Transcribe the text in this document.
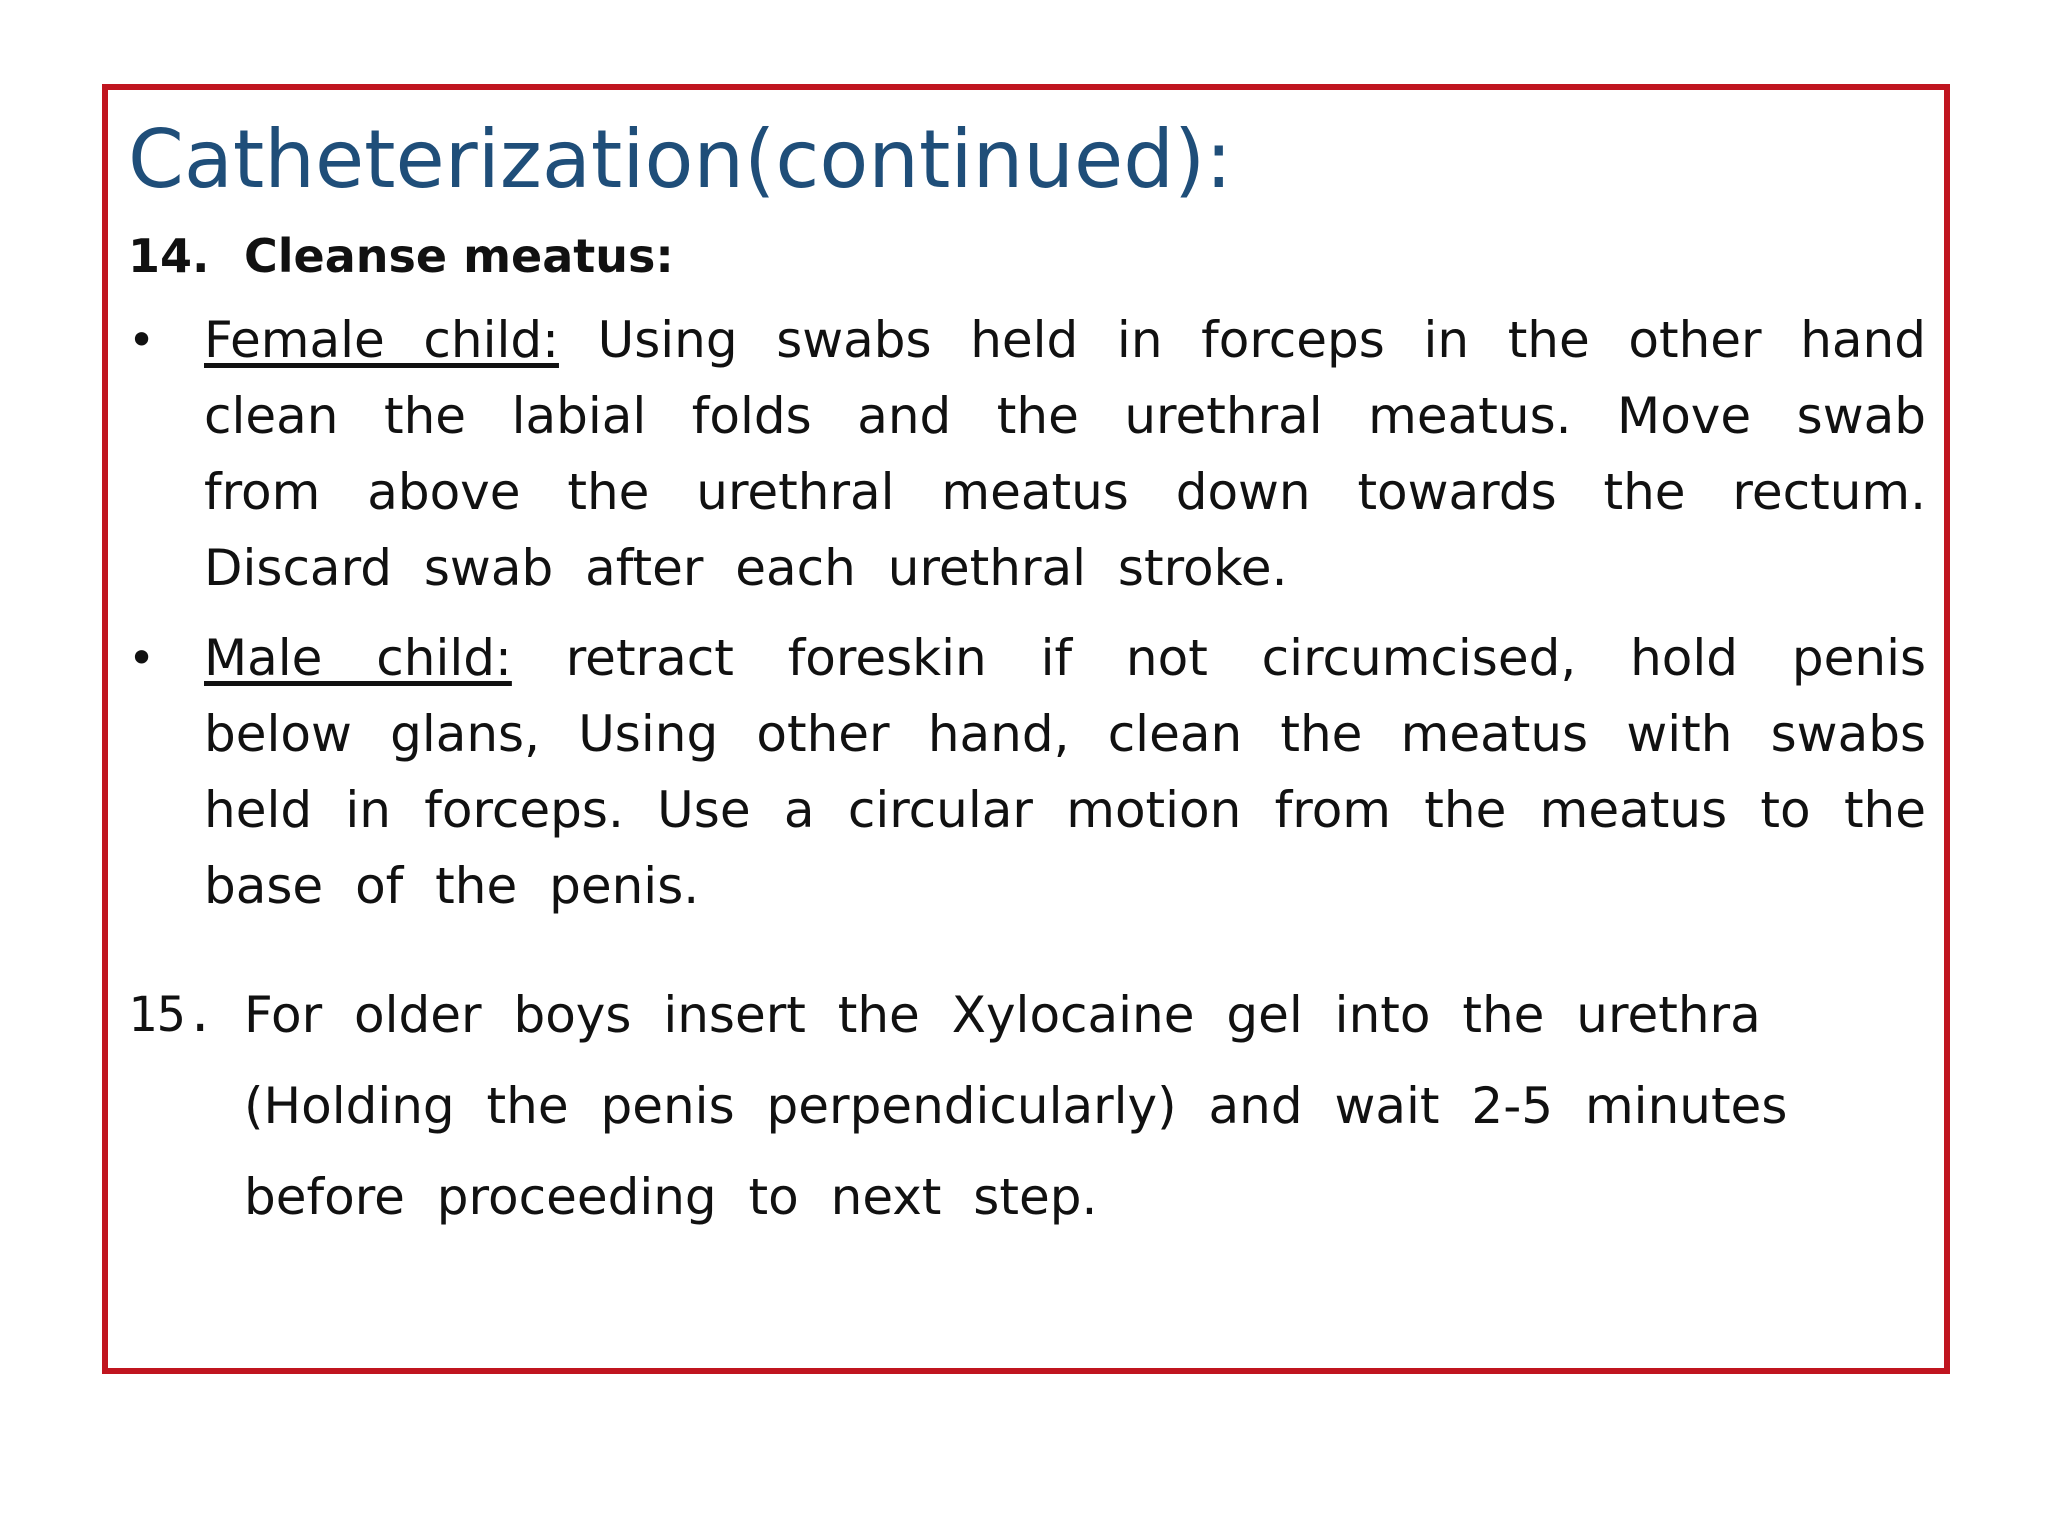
Catheterization(continued):
14. Cleanse meatus:
• Female child: Using swabs held in forceps in the other hand clean the labial folds and the urethral meatus. Move swab from above the urethral meatus down towards the rectum. Discard swab after each urethral stroke.
• Male child: retract foreskin if not circumcised, hold penis below glans, Using other hand, clean the meatus with swabs held in forceps. Use a circular motion from the meatus to the base of the penis.
15. For older boys insert the Xylocaine gel into the urethra (Holding the penis perpendicularly) and wait 2-5 minutes before proceeding to next step.
